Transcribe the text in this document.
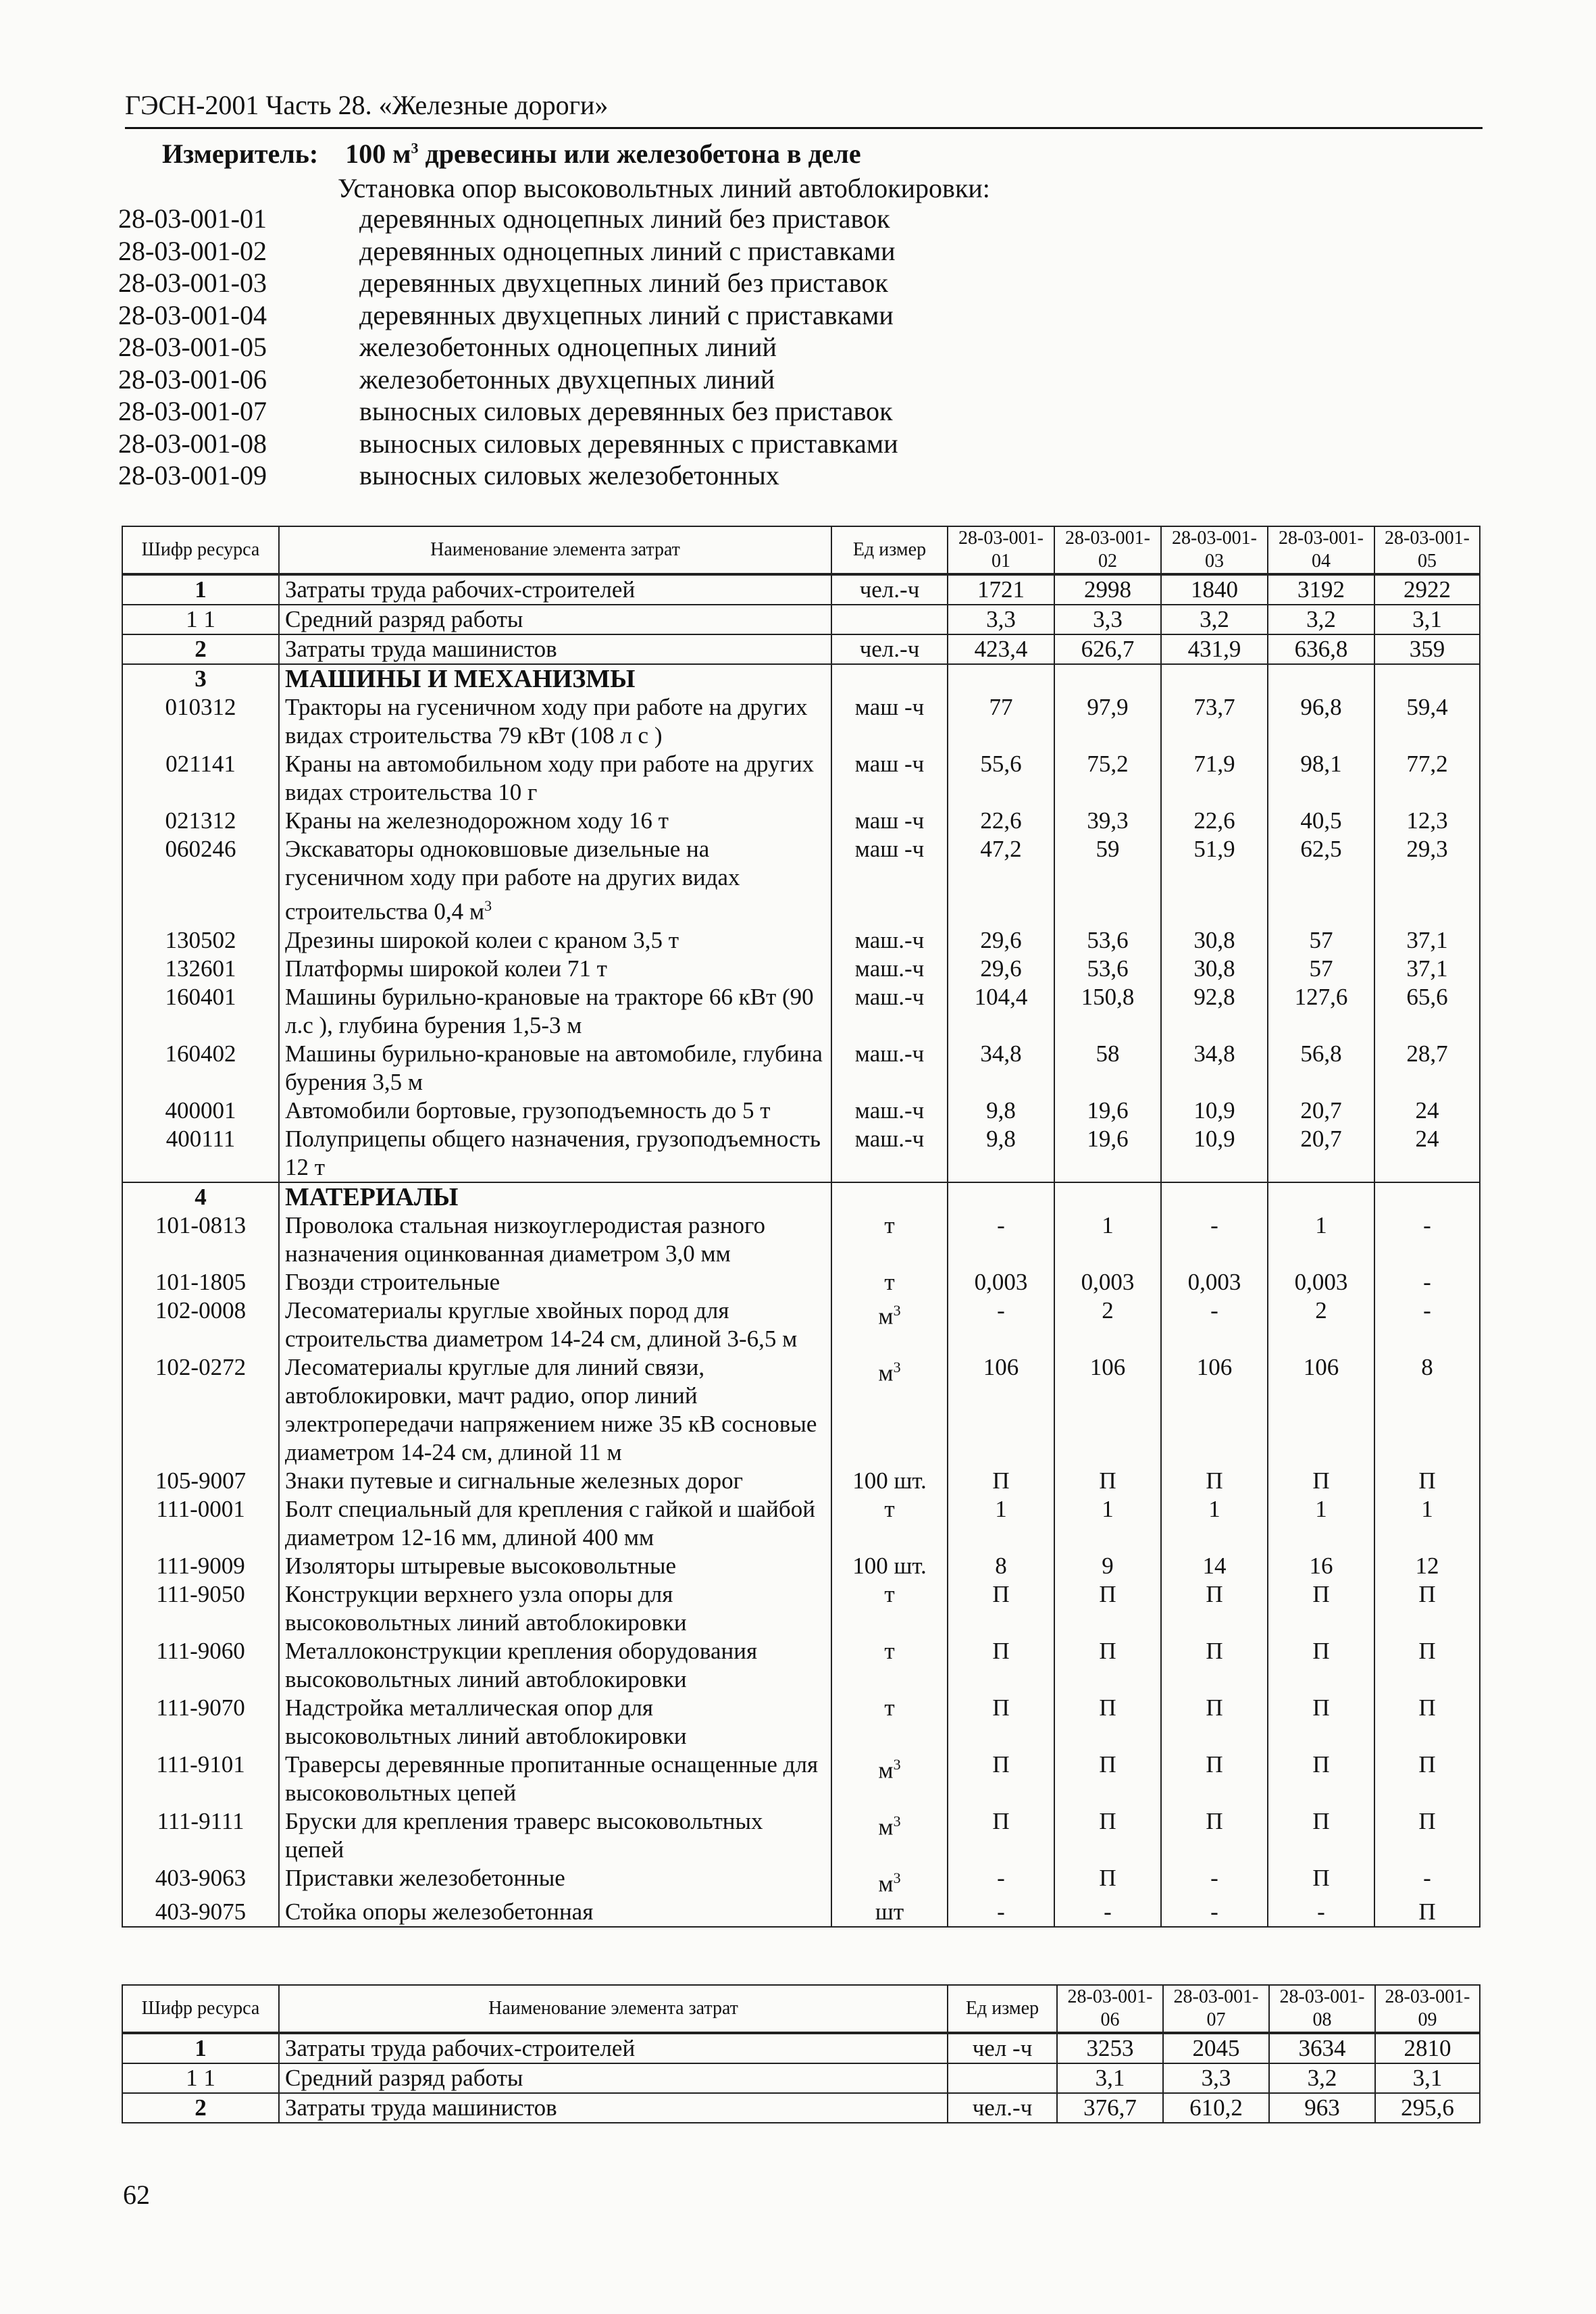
ГЭСН-2001 Часть 28. «Железные дороги»
Измеритель: 100 $м^3$ древесины или железобетона в деле
Установка опор высоковольтных линий автоблокировки:
28-03-001-01	деревянных одноцепных линий без приставок
28-03-001-02	деревянных одноцепных линий с приставками
28-03-001-03	деревянных двухцепных линий без приставок
28-03-001-04	деревянных двухцепных линий с приставками
28-03-001-05	железобетонных одноцепных линий
28-03-001-06	железобетонных двухцепных линий
28-03-001-07	выносных силовых деревянных без приставок
28-03-001-08	выносных силовых деревянных с приставками
28-03-001-09	выносных силовых железобетонных
Шифр ресурса	Наименование элемента затрат	Ед измер	28-03-001-01	28-03-001-02	28-03-001-03	28-03-001-04	28-03-001-05
1	Затраты труда рабочих-строителей	чел.-ч	1721	2998	1840	3192	2922
1 1	Средний разряд работы		3,3	3,3	3,2	3,2	3,1
2	Затраты труда машинистов	чел.-ч	423,4	626,7	431,9	636,8	359
3	МАШИНЫ И МЕХАНИЗМЫ						
010312	Тракторы на гусеничном ходу при работе на других видах строительства 79 кВт (108 л с )	маш -ч	77	97,9	73,7	96,8	59,4
021141	Краны на автомобильном ходу при работе на других видах строительства 10 г	маш -ч	55,6	75,2	71,9	98,1	77,2
021312	Краны на железнодорожном ходу 16 т	маш -ч	22,6	39,3	22,6	40,5	12,3
060246	Экскаваторы одноковшовые дизельные на гусеничном ходу при работе на других видах строительства 0,4 $м^3$	маш -ч	47,2	59	51,9	62,5	29,3
130502	Дрезины широкой колеи с краном 3,5 т	маш.-ч	29,6	53,6	30,8	57	37,1
132601	Платформы широкой колеи 71 т	маш.-ч	29,6	53,6	30,8	57	37,1
160401	Машины бурильно-крановые на тракторе 66 кВт (90 л.с ), глубина бурения 1,5-3 м	маш.-ч	104,4	150,8	92,8	127,6	65,6
160402	Машины бурильно-крановые на автомобиле, глубина бурения 3,5 м	маш.-ч	34,8	58	34,8	56,8	28,7
400001	Автомобили бортовые, грузоподъемность до 5 т	маш.-ч	9,8	19,6	10,9	20,7	24
400111	Полуприцепы общего назначения, грузоподъемность 12 т	маш.-ч	9,8	19,6	10,9	20,7	24
4	МАТЕРИАЛЫ						
101-0813	Проволока стальная низкоуглеродистая разного назначения оцинкованная диаметром 3,0 мм	т	-	1	-	1	-
101-1805	Гвозди строительные	т	0,003	0,003	0,003	0,003	-
102-0008	Лесоматериалы круглые хвойных пород для строительства диаметром 14-24 см, длиной 3-6,5 м	$м^3$	-	2	-	2	-
102-0272	Лесоматериалы круглые для линий связи, автоблокировки, мачт радио, опор линий электропередачи напряжением ниже 35 кВ сосновые диаметром 14-24 см, длиной 11 м	$м^3$	106	106	106	106	8
105-9007	Знаки путевые и сигнальные железных дорог	100 шт.	П	П	П	П	П
111-0001	Болт специальный для крепления с гайкой и шайбой диаметром 12-16 мм, длиной 400 мм	т	1	1	1	1	1
111-9009	Изоляторы штыревые высоковольтные	100 шт.	8	9	14	16	12
111-9050	Конструкции верхнего узла опоры для высоковольтных линий автоблокировки	т	П	П	П	П	П
111-9060	Металлоконструкции крепления оборудования высоковольтных линий автоблокировки	т	П	П	П	П	П
111-9070	Надстройка металлическая опор для высоковольтных линий автоблокировки	т	П	П	П	П	П
111-9101	Траверсы деревянные пропитанные оснащенные для высоковольтных цепей	$м^3$	П	П	П	П	П
111-9111	Бруски для крепления траверс высоковольтных цепей	$м^3$	П	П	П	П	П
403-9063	Приставки железобетонные	$м^3$	-	П	-	П	-
403-9075	Стойка опоры железобетонная	шт	-	-	-	-	П
Шифр ресурса	Наименование элемента затрат	Ед измер	28-03-001-06	28-03-001-07	28-03-001-08	28-03-001-09
1	Затраты труда рабочих-строителей	чел -ч	3253	2045	3634	2810
1 1	Средний разряд работы		3,1	3,3	3,2	3,1
2	Затраты труда машинистов	чел.-ч	376,7	610,2	963	295,6
62
